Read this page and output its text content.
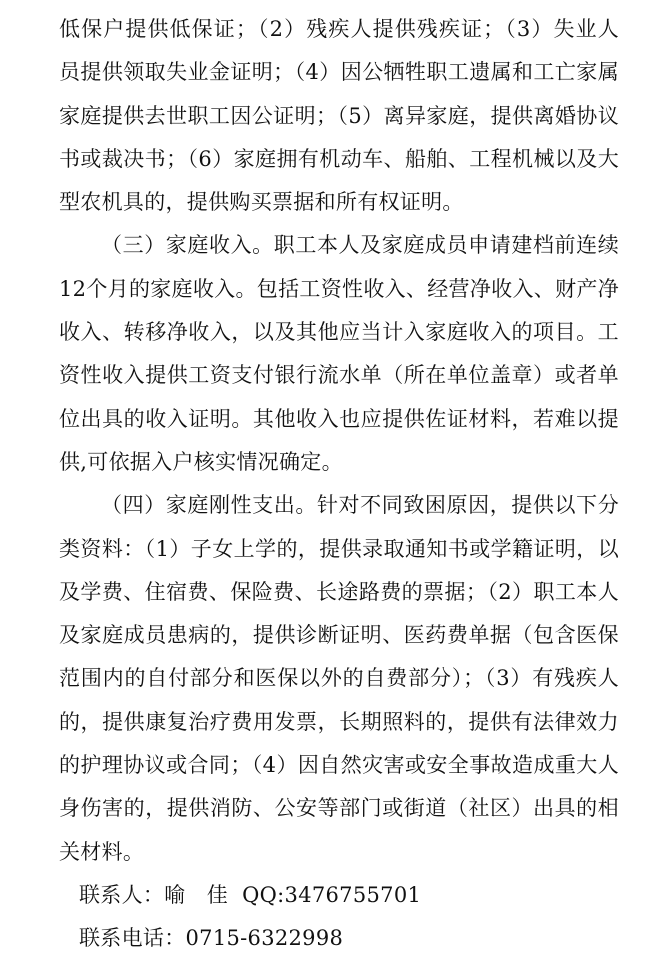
低保户提供低保证；（2）残疾人提供残疾证；（3）失业人员提供领取失业金证明；（4）因公牺牲职工遗属和工亡家属家庭提供去世职工因公证明；（5）离异家庭，提供离婚协议书或裁决书；（6）家庭拥有机动车、船舶、工程机械以及大型农机具的，提供购买票据和所有权证明。

（三）家庭收入。职工本人及家庭成员申请建档前连续12个月的家庭收入。包括工资性收入、经营净收入、财产净收入、转移净收入，以及其他应当计入家庭收入的项目。工资性收入提供工资支付银行流水单（所在单位盖章）或者单位出具的收入证明。其他收入也应提供佐证材料，若难以提供,可依据入户核实情况确定。

（四）家庭刚性支出。针对不同致困原因，提供以下分类资料：（1）子女上学的，提供录取通知书或学籍证明，以及学费、住宿费、保险费、长途路费的票据；（2）职工本人及家庭成员患病的，提供诊断证明、医药费单据（包含医保范围内的自付部分和医保以外的自费部分）；（3）有残疾人的，提供康复治疗费用发票，长期照料的，提供有法律效力的护理协议或合同；（4）因自然灾害或安全事故造成重大人身伤害的，提供消防、公安等部门或街道（社区）出具的相关材料。

联系人：喻　佳 QQ:3476755701

联系电话：0715-6322998
